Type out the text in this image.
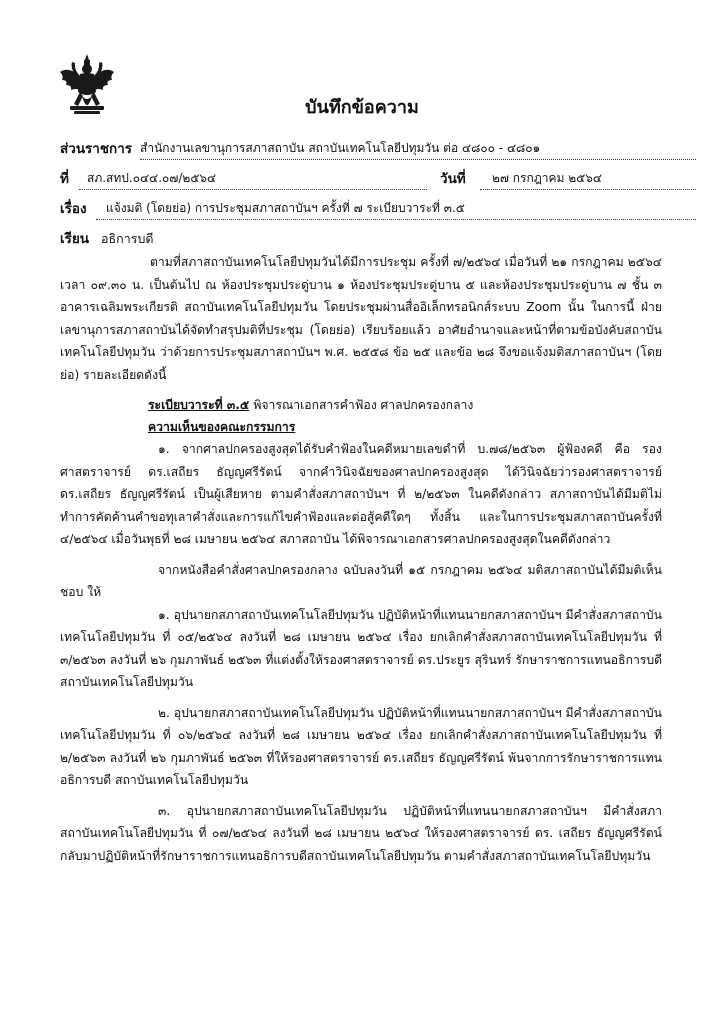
บันทึกข้อความ
ส่วนราชการ สำนักงานเลขานุการสภาสถาบัน สถาบันเทคโนโลยีปทุมวัน ต่อ ๔๘๐๐ - ๔๘๐๑
ที่	สภ.สทป.๐๔๔.๐๗/๒๕๖๔	วันที่	๒๗ กรกฎาคม ๒๕๖๔
เรื่อง	แจ้งมติ (โดยย่อ) การประชุมสภาสถาบันฯ ครั้งที่ ๗ ระเบียบวาระที่ ๓.๕
เรียน อธิการบดี

ตามที่สภาสถาบันเทคโนโลยีปทุมวันได้มีการประชุม ครั้งที่ ๗/๒๕๖๔ เมื่อวันที่ ๒๑ กรกฎาคม ๒๕๖๔ เวลา ๐๙.๓๐ น. เป็นต้นไป ณ ห้องประชุมประดู่บาน ๑ ห้องประชุมประดู่บาน ๕ และห้องประชุมประดู่บาน ๗ ชั้น ๓ อาคารเฉลิมพระเกียรติ สถาบันเทคโนโลยีปทุมวัน โดยประชุมผ่านสื่ออิเล็กทรอนิกส์ระบบ Zoom นั้น ในการนี้ ฝ่ายเลขานุการสภาสถาบันได้จัดทำสรุปมติที่ประชุม (โดยย่อ) เรียบร้อยแล้ว อาศัยอำนาจและหน้าที่ตามข้อบังคับสถาบันเทคโนโลยีปทุมวัน ว่าด้วยการประชุมสภาสถาบันฯ พ.ศ. ๒๕๕๘ ข้อ ๒๕ และข้อ ๒๘ จึงขอแจ้งมติสภาสถาบันฯ (โดยย่อ) รายละเอียดดังนี้

ระเบียบวาระที่ ๓.๕ พิจารณาเอกสารคำฟ้อง ศาลปกครองกลาง
ความเห็นของคณะกรรมการ

๑. จากศาลปกครองสูงสุดได้รับคำฟ้องในคดีหมายเลขดำที่ บ.๗๘/๒๕๖๓ ผู้ฟ้องคดี คือ รองศาสตราจารย์ ดร.เสถียร ธัญญศรีรัตน์ จากคำวินิจฉัยของศาลปกครองสูงสุด ได้วินิจฉัยว่ารองศาสตราจารย์ ดร.เสถียร ธัญญศรีรัตน์ เป็นผู้เสียหาย ตามคำสั่งสภาสถาบันฯ ที่ ๒/๒๕๖๓ ในคดีดังกล่าว สภาสถาบันได้มีมติไม่ทำการคัดค้านคำขอทุเลาคำสั่งและการแก้ไขคำฟ้องและต่อสู้คดีใดๆ ทั้งสิ้น และในการประชุมสภาสถาบันครั้งที่ ๔/๒๕๖๔ เมื่อวันพุธที่ ๒๘ เมษายน ๒๕๖๔ สภาสถาบัน ได้พิจารณาเอกสารศาลปกครองสูงสุดในคดีดังกล่าว

จากหนังสือคำสั่งศาลปกครองกลาง ฉบับลงวันที่ ๑๕ กรกฎาคม ๒๕๖๔ มติสภาสถาบันได้มีมติเห็นชอบ ให้

๑. อุปนายกสภาสถาบันเทคโนโลยีปทุมวัน ปฏิบัติหน้าที่แทนนายกสภาสถาบันฯ มีคำสั่งสภาสถาบันเทคโนโลยีปทุมวัน ที่ ๐๕/๒๕๖๔ ลงวันที่ ๒๘ เมษายน ๒๕๖๔ เรื่อง ยกเลิกคำสั่งสภาสถาบันเทคโนโลยีปทุมวัน ที่ ๓/๒๕๖๓ ลงวันที่ ๒๖ กุมภาพันธ์ ๒๕๖๓ ที่แต่งตั้งให้รองศาสตราจารย์ ดร.ประยูร สุรินทร์ รักษาราชการแทนอธิการบดีสถาบันเทคโนโลยีปทุมวัน

๒. อุปนายกสภาสถาบันเทคโนโลยีปทุมวัน ปฏิบัติหน้าที่แทนนายกสภาสถาบันฯ มีคำสั่งสภาสถาบันเทคโนโลยีปทุมวัน ที่ ๐๖/๒๕๖๔ ลงวันที่ ๒๘ เมษายน ๒๕๖๔ เรื่อง ยกเลิกคำสั่งสภาสถาบันเทคโนโลยีปทุมวัน ที่ ๒/๒๕๖๓ ลงวันที่ ๒๖ กุมภาพันธ์ ๒๕๖๓ ที่ให้รองศาสตราจารย์ ดร.เสถียร ธัญญศรีรัตน์ พ้นจากการรักษาราชการแทนอธิการบดี สถาบันเทคโนโลยีปทุมวัน

๓. อุปนายกสภาสถาบันเทคโนโลยีปทุมวัน ปฏิบัติหน้าที่แทนนายกสภาสถาบันฯ มีคำสั่งสภาสถาบันเทคโนโลยีปทุมวัน ที่ ๐๗/๒๕๖๔ ลงวันที่ ๒๘ เมษายน ๒๕๖๔ ให้รองศาสตราจารย์ ดร. เสถียร ธัญญศรีรัตน์ กลับมาปฏิบัติหน้าที่รักษาราชการแทนอธิการบดีสถาบันเทคโนโลยีปทุมวัน ตามคำสั่งสภาสถาบันเทคโนโลยีปทุมวัน
